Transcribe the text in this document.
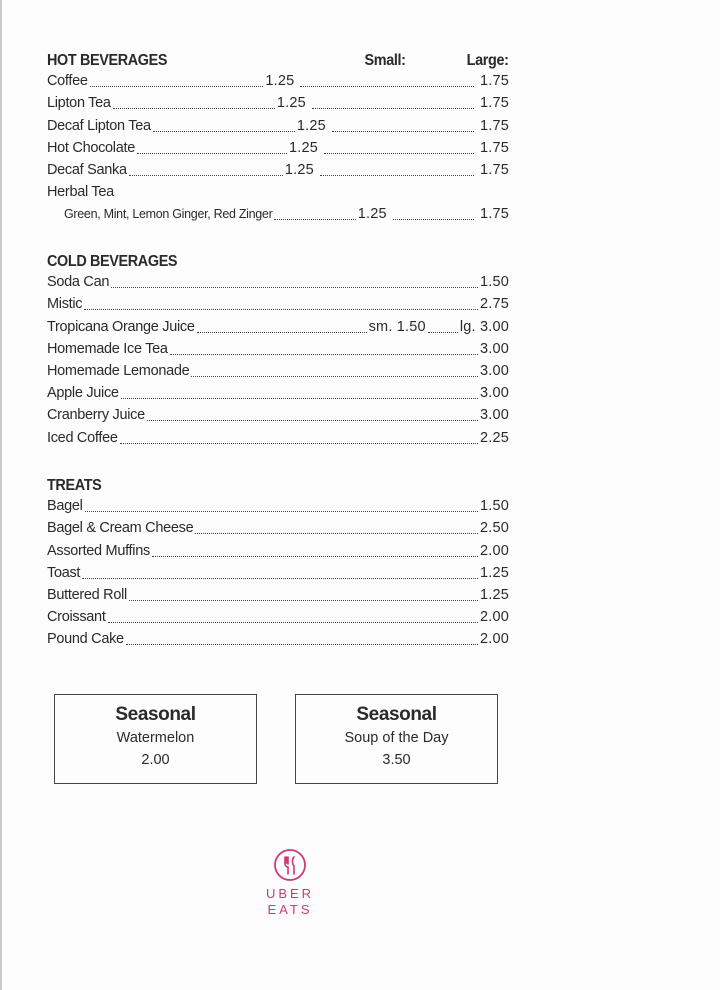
HOT BEVERAGES	Small:	Large:
Coffee	1.25	1.75
Lipton Tea	1.25	1.75
Decaf Lipton Tea	1.25	1.75
Hot Chocolate	1.25	1.75
Decaf Sanka	1.25	1.75
Herbal Tea
Green, Mint, Lemon Ginger, Red Zinger	1.25	1.75
COLD BEVERAGES
Soda Can	1.50
Mistic	2.75
Tropicana Orange Juice	sm. 1.50 lg. 3.00
Homemade Ice Tea	3.00
Homemade Lemonade	3.00
Apple Juice	3.00
Cranberry Juice	3.00
Iced Coffee	2.25
TREATS
Bagel	1.50
Bagel & Cream Cheese	2.50
Assorted Muffins	2.00
Toast	1.25
Buttered Roll	1.25
Croissant	2.00
Pound Cake	2.00
Seasonal
Watermelon
2.00
Seasonal
Soup of the Day
3.50
UBER
EATS
